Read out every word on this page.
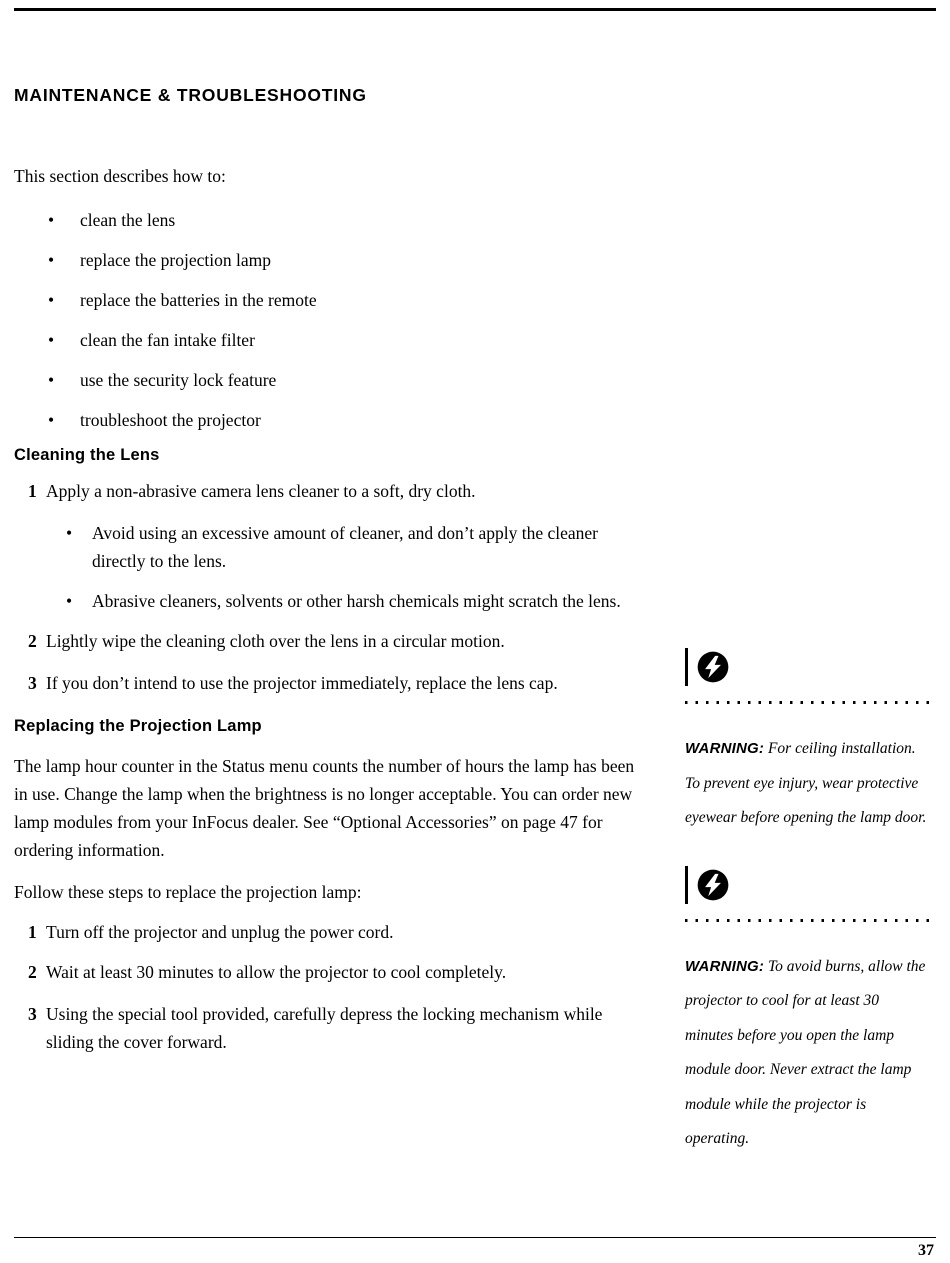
MAINTENANCE & TROUBLESHOOTING

This section describes how to:

•
clean the lens
•
replace the projection lamp
•
replace the batteries in the remote
•
clean the fan intake filter
•
use the security lock feature
•
troubleshoot the projector
Cleaning the Lens
1 Apply a non-abrasive camera lens cleaner to a soft, dry cloth.
•
Avoid using an excessive amount of cleaner, and don’t apply the cleaner directly to the lens.
•
Abrasive cleaners, solvents or other harsh chemicals might scratch the lens.
2 Lightly wipe the cleaning cloth over the lens in a circular motion.
3 If you don’t intend to use the projector immediately, replace the lens cap.
Replacing the Projection Lamp

The lamp hour counter in the Status menu counts the number of hours the lamp has been in use. Change the lamp when the brightness is no longer acceptable. You can order new lamp modules from your InFocus dealer. See “Optional Accessories” on page 47 for ordering information.

Follow these steps to replace the projection lamp:

1 Turn off the projector and unplug the power cord.
2 Wait at least 30 minutes to allow the projector to cool completely.
3 Using the special tool provided, carefully depress the locking mechanism while sliding the cover forward.

WARNING: For ceiling installation. To prevent eye injury, wear protective eyewear before opening the lamp door.

WARNING: To avoid burns, allow the projector to cool for at least 30 minutes before you open the lamp module door. Never extract the lamp module while the projector is operating.

37
